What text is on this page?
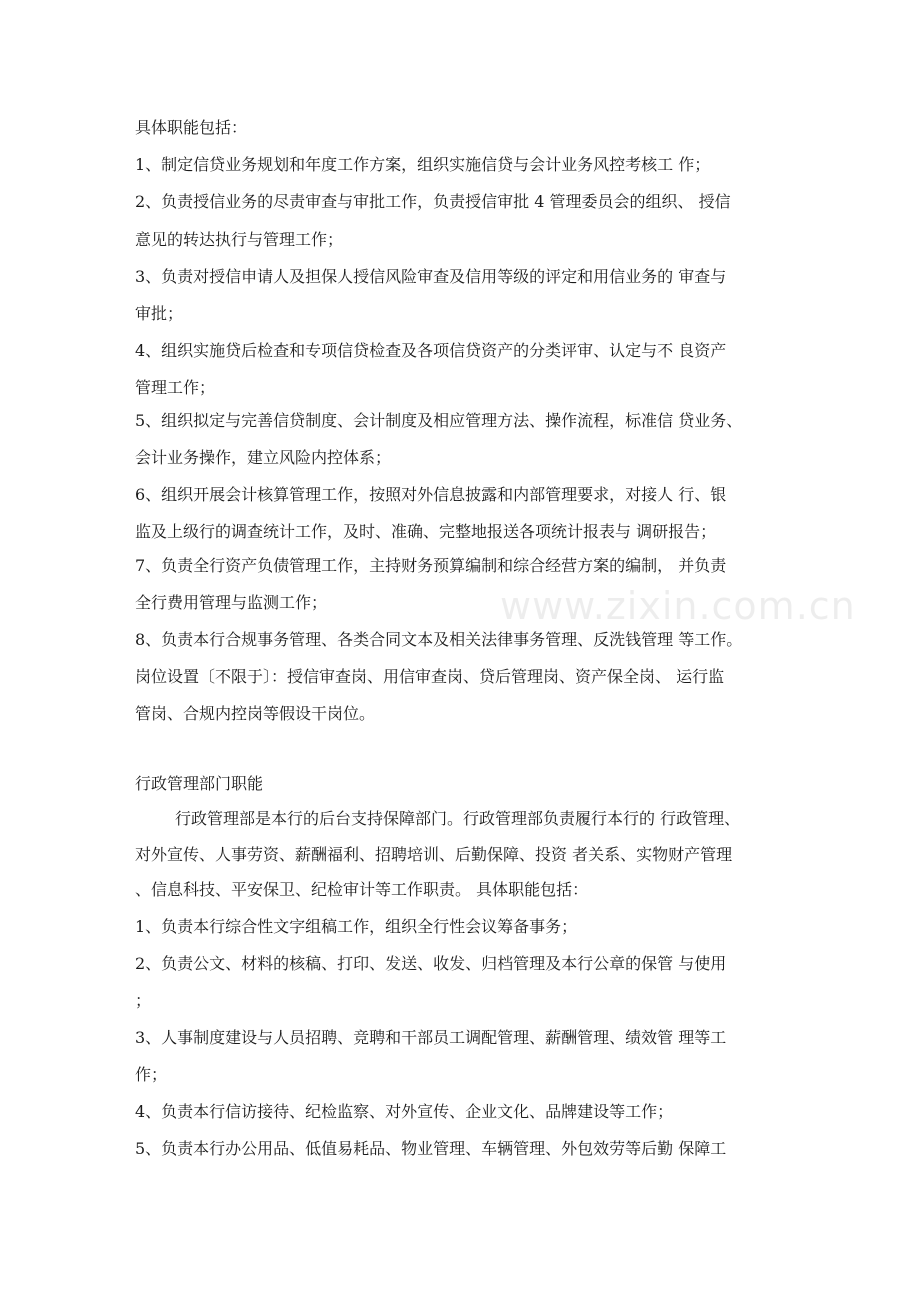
www.zixin.com.cn
具体职能包括：
1、制定信贷业务规划和年度工作方案，组织实施信贷与会计业务风控考核工 作；
2、负责授信业务的尽责审查与审批工作，负责授信审批 4 管理委员会的组织、 授信
意见的转达执行与管理工作；
3、负责对授信申请人及担保人授信风险审查及信用等级的评定和用信业务的 审查与
审批；
4、组织实施贷后检查和专项信贷检查及各项信贷资产的分类评审、认定与不 良资产
管理工作；
5、组织拟定与完善信贷制度、会计制度及相应管理方法、操作流程，标准信 贷业务、
会计业务操作，建立风险内控体系；
6、组织开展会计核算管理工作，按照对外信息披露和内部管理要求，对接人 行、银
监及上级行的调查统计工作，及时、准确、完整地报送各项统计报表与 调研报告；
7、负责全行资产负债管理工作，主持财务预算编制和综合经营方案的编制， 并负责
全行费用管理与监测工作；
8、负责本行合规事务管理、各类合同文本及相关法律事务管理、反洗钱管理 等工作。
岗位设置〔不限于〕：授信审查岗、用信审查岗、贷后管理岗、资产保全岗、 运行监
管岗、合规内控岗等假设干岗位。
行政管理部门职能
行政管理部是本行的后台支持保障部门。行政管理部负责履行本行的 行政管理、
对外宣传、人事劳资、薪酬福利、招聘培训、后勤保障、投资 者关系、实物财产管理
、信息科技、平安保卫、纪检审计等工作职责。 具体职能包括：
1、负责本行综合性文字组稿工作，组织全行性会议筹备事务；
2、负责公文、材料的核稿、打印、发送、收发、归档管理及本行公章的保管 与使用
；
3、人事制度建设与人员招聘、竞聘和干部员工调配管理、薪酬管理、绩效管 理等工
作；
4、负责本行信访接待、纪检监察、对外宣传、企业文化、品牌建设等工作；
5、负责本行办公用品、低值易耗品、物业管理、车辆管理、外包效劳等后勤 保障工
